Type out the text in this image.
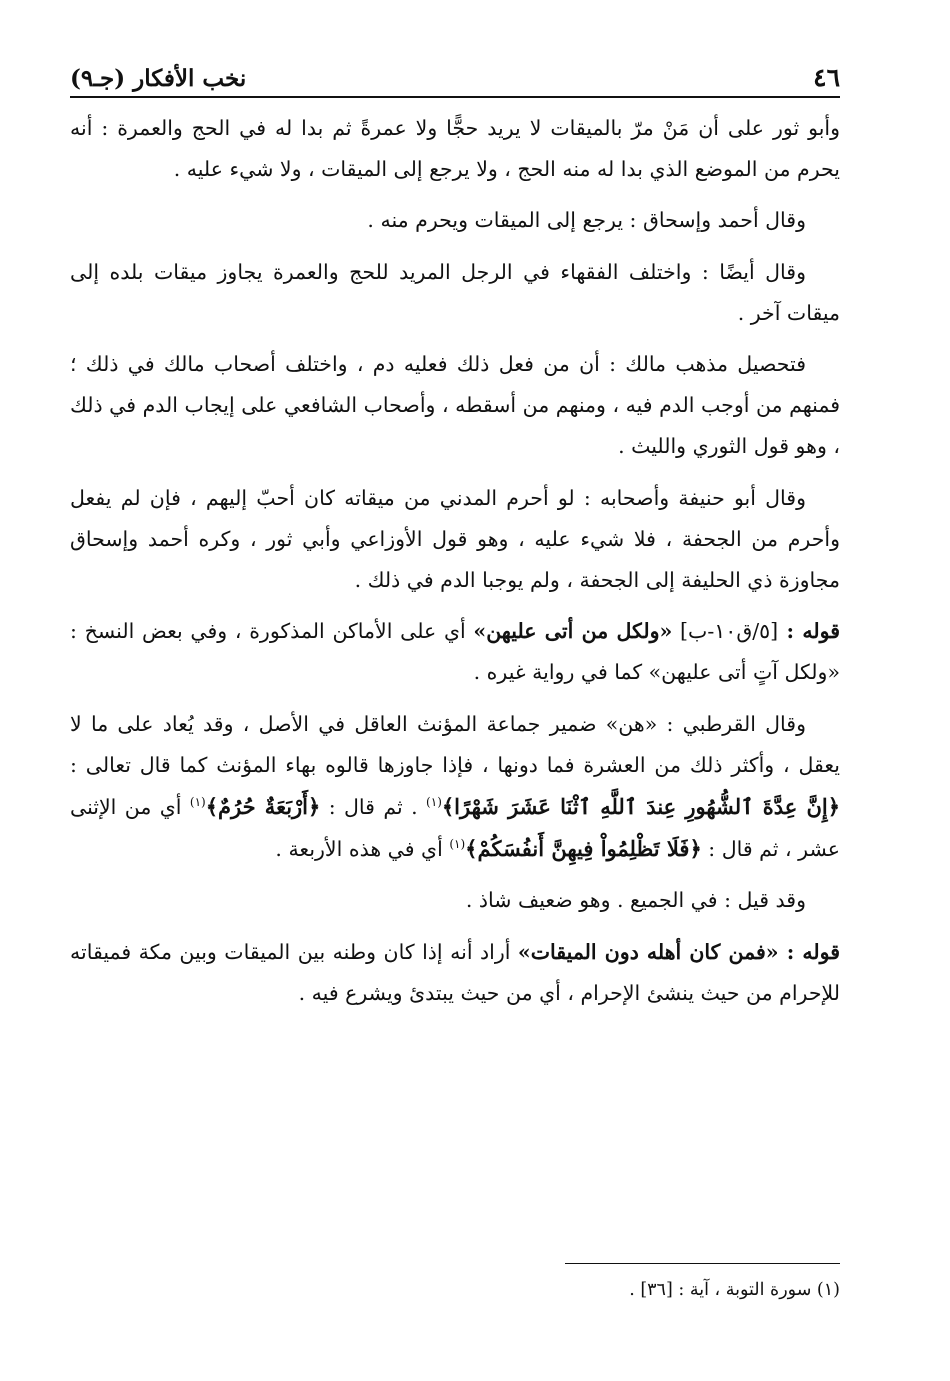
٤٦
نخب الأفكار (جـ٩)

وأبو ثور على أن مَنْ مرّ بالميقات لا يريد حجًّا ولا عمرةً ثم بدا له في الحج والعمرة : أنه يحرم من الموضع الذي بدا له منه الحج ، ولا يرجع إلى الميقات ، ولا شيء عليه .

وقال أحمد وإسحاق : يرجع إلى الميقات ويحرم منه .

وقال أيضًا : واختلف الفقهاء في الرجل المريد للحج والعمرة يجاوز ميقات بلده إلى ميقات آخر .

فتحصيل مذهب مالك : أن من فعل ذلك فعليه دم ، واختلف أصحاب مالك في ذلك ؛ فمنهم من أوجب الدم فيه ، ومنهم من أسقطه ، وأصحاب الشافعي على إيجاب الدم في ذلك ، وهو قول الثوري والليث .

وقال أبو حنيفة وأصحابه : لو أحرم المدني من ميقاته كان أحبّ إليهم ، فإن لم يفعل وأحرم من الجحفة ، فلا شيء عليه ، وهو قول الأوزاعي وأبي ثور ، وكره أحمد وإسحاق مجاوزة ذي الحليفة إلى الجحفة ، ولم يوجبا الدم في ذلك .

قوله : [٥/ق١٠-ب] «ولكل من أتى عليهن» أي على الأماكن المذكورة ، وفي بعض النسخ : «ولكل آتٍ أتى عليهن» كما في رواية غيره .

وقال القرطبي : «هن» ضمير جماعة المؤنث العاقل في الأصل ، وقد يُعاد على ما لا يعقل ، وأكثر ذلك من العشرة فما دونها ، فإذا جاوزها قالوه بهاء المؤنث كما قال تعالى : ﴿إِنَّ عِدَّةَ ٱلشُّهُورِ عِندَ ٱللَّهِ ٱثْنَا عَشَرَ شَهْرًا﴾$^{(١)}$ . ثم قال : ﴿أَرْبَعَةٌ حُرُمٌ﴾$^{(١)}$ أي من الإثنى عشر ، ثم قال : ﴿فَلَا تَظْلِمُواْ فِيهِنَّ أَنفُسَكُمْ﴾$^{(١)}$ أي في هذه الأربعة .

وقد قيل : في الجميع . وهو ضعيف شاذ .

قوله : «فمن كان أهله دون الميقات» أراد أنه إذا كان وطنه بين الميقات وبين مكة فميقاته للإحرام من حيث ينشئ الإحرام ، أي من حيث يبتدئ ويشرع فيه .

(١) سورة التوبة ، آية : [٣٦] .
